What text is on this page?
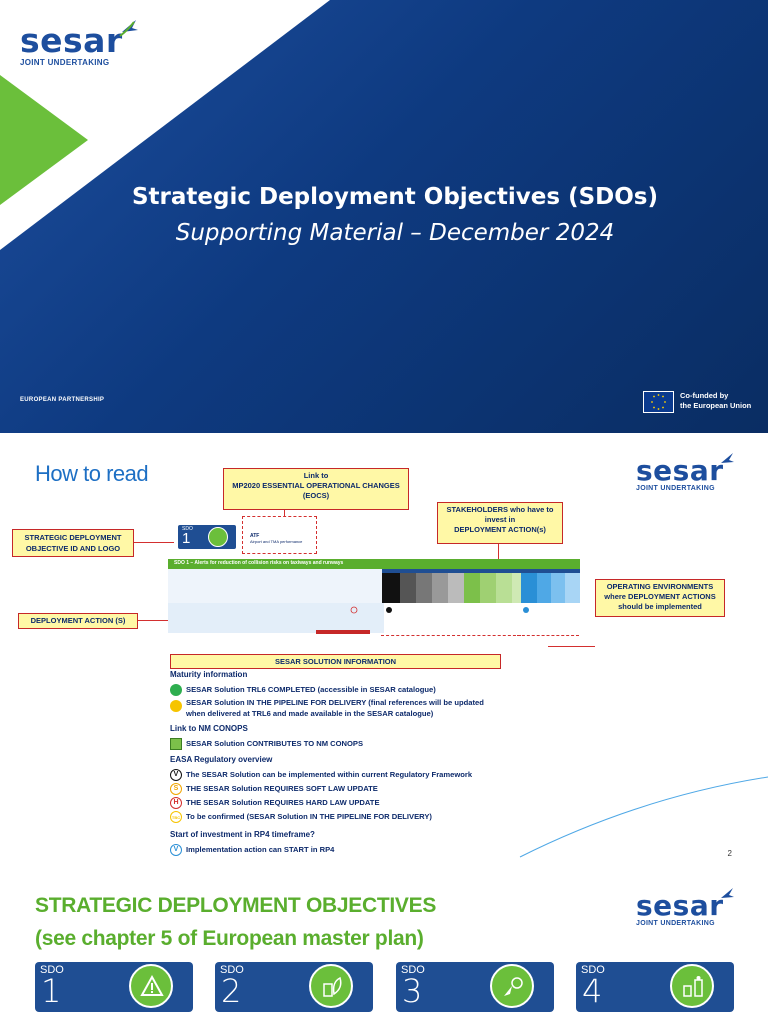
sesar
JOINT UNDERTAKING
Strategic Deployment Objectives (SDOs)
Supporting Material – December 2024
EUROPEAN PARTNERSHIP	Co-funded by
the European Union
How to read	sesar
JOINT UNDERTAKING
Link to
MP2020 ESSENTIAL OPERATIONAL CHANGES
(EOCS)
STAKEHOLDERS who have to
invest in
DEPLOYMENT ACTION(s)
STRATEGIC DEPLOYMENT
OBJECTIVE ID AND LOGO
OPERATING ENVIRONMENTS
where DEPLOYMENT ACTIONS
should be implemented
DEPLOYMENT ACTION (S)
SESAR SOLUTION INFORMATION
SDO
1	ATF
Airport and TMA performance
SDO 1 – Alerts for reduction of collision risks on taxiways and runways
Maturity information
SESAR Solution TRL6 COMPLETED (accessible in SESAR catalogue)
SESAR Solution IN THE PIPELINE FOR DELIVERY (final references will be updated
when delivered at TRL6 and made available in the SESAR catalogue)
Link to NM CONOPS
SESAR Solution CONTRIBUTES TO NM CONOPS
EASA Regulatory overview
V	The SESAR Solution can be implemented within current Regulatory Framework
S	THE SESAR Solution REQUIRES SOFT LAW UPDATE
H THE SESAR Solution REQUIRES HARD LAW UPDATE
TBC To be confirmed (SESAR Solution IN THE PIPELINE FOR DELIVERY)
Start of investment in RP4 timeframe?
V	Implementation action can START in RP4	2
STRATEGIC DEPLOYMENT OBJECTIVES
(see chapter 5 of European master plan)
sesar
JOINT UNDERTAKING
SDO
1
SDO
2
SDO
3
SDO
4
